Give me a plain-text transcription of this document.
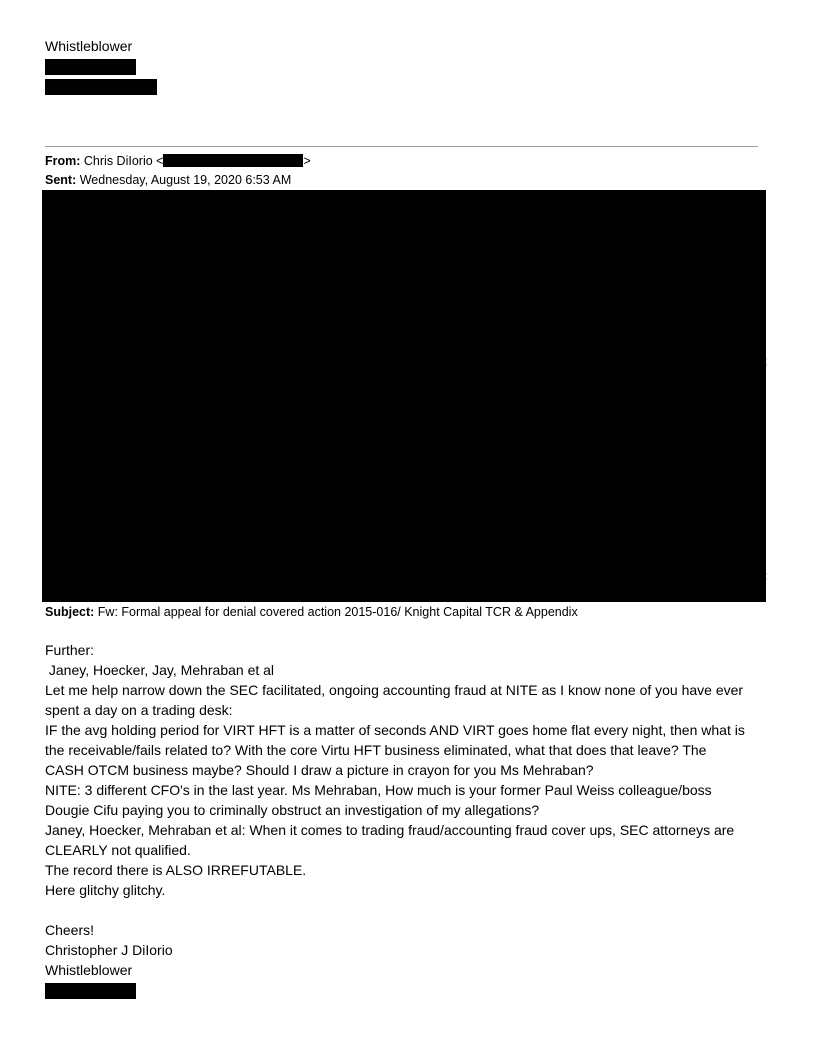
Whistleblower
From: Chris DiIorio <	>
Sent: Wednesday, August 19, 2020 6:53 AM
;
:
Subject: Fw: Formal appeal for denial covered action 2015-016/ Knight Capital TCR & Appendix
Further:
Janey, Hoecker, Jay, Mehraban et al
Let me help narrow down the SEC facilitated, ongoing accounting fraud at NITE as I know none of you have ever
spent a day on a trading desk:
IF the avg holding period for VIRT HFT is a matter of seconds AND VIRT goes home flat every night, then what is
the receivable/fails related to? With the core Virtu HFT business eliminated, what that does that leave? The
CASH OTCM business maybe? Should I draw a picture in crayon for you Ms Mehraban?
NITE: 3 different CFO's in the last year. Ms Mehraban, How much is your former Paul Weiss colleague/boss
Dougie Cifu paying you to criminally obstruct an investigation of my allegations?
Janey, Hoecker, Mehraban et al: When it comes to trading fraud/accounting fraud cover ups, SEC attorneys are
CLEARLY not qualified.
The record there is ALSO IRREFUTABLE.
Here glitchy glitchy.
Cheers!
Christopher J DiIorio
Whistleblower
